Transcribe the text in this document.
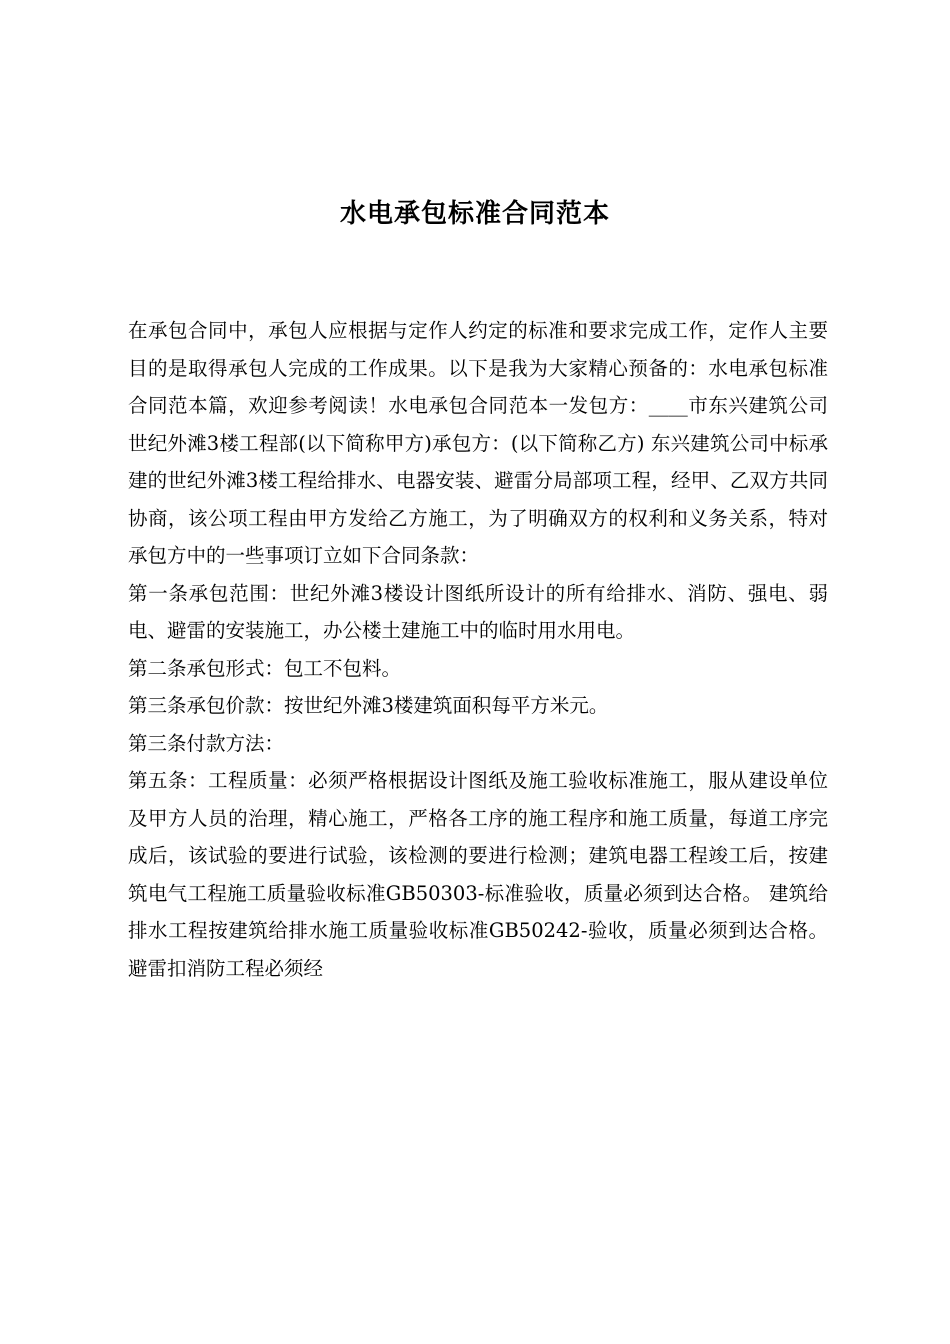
水电承包标准合同范本

在承包合同中，承包人应根据与定作人约定的标准和要求完成工作，定作人主要目的是取得承包人完成的工作成果。以下是我为大家精心预备的：水电承包标准合同范本篇，欢迎参考阅读！水电承包合同范本一发包方：____市东兴建筑公司世纪外滩3楼工程部(以下简称甲方)承包方：(以下简称乙方) 东兴建筑公司中标承建的世纪外滩3楼工程给排水、电器安装、避雷分局部项工程，经甲、乙双方共同协商，该公项工程由甲方发给乙方施工，为了明确双方的权利和义务关系，特对承包方中的一些事项订立如下合同条款：

第一条承包范围：世纪外滩3楼设计图纸所设计的所有给排水、消防、强电、弱电、避雷的安装施工，办公楼土建施工中的临时用水用电。

第二条承包形式：包工不包料。

第三条承包价款：按世纪外滩3楼建筑面积每平方米元。

第三条付款方法：

第五条：工程质量：必须严格根据设计图纸及施工验收标准施工，服从建设单位及甲方人员的治理，精心施工，严格各工序的施工程序和施工质量，每道工序完成后，该试验的要进行试验，该检测的要进行检测；建筑电器工程竣工后，按建筑电气工程施工质量验收标准GB50303-标准验收，质量必须到达合格。 建筑给排水工程按建筑给排水施工质量验收标准GB50242-验收，质量必须到达合格。 避雷扣消防工程必须经
